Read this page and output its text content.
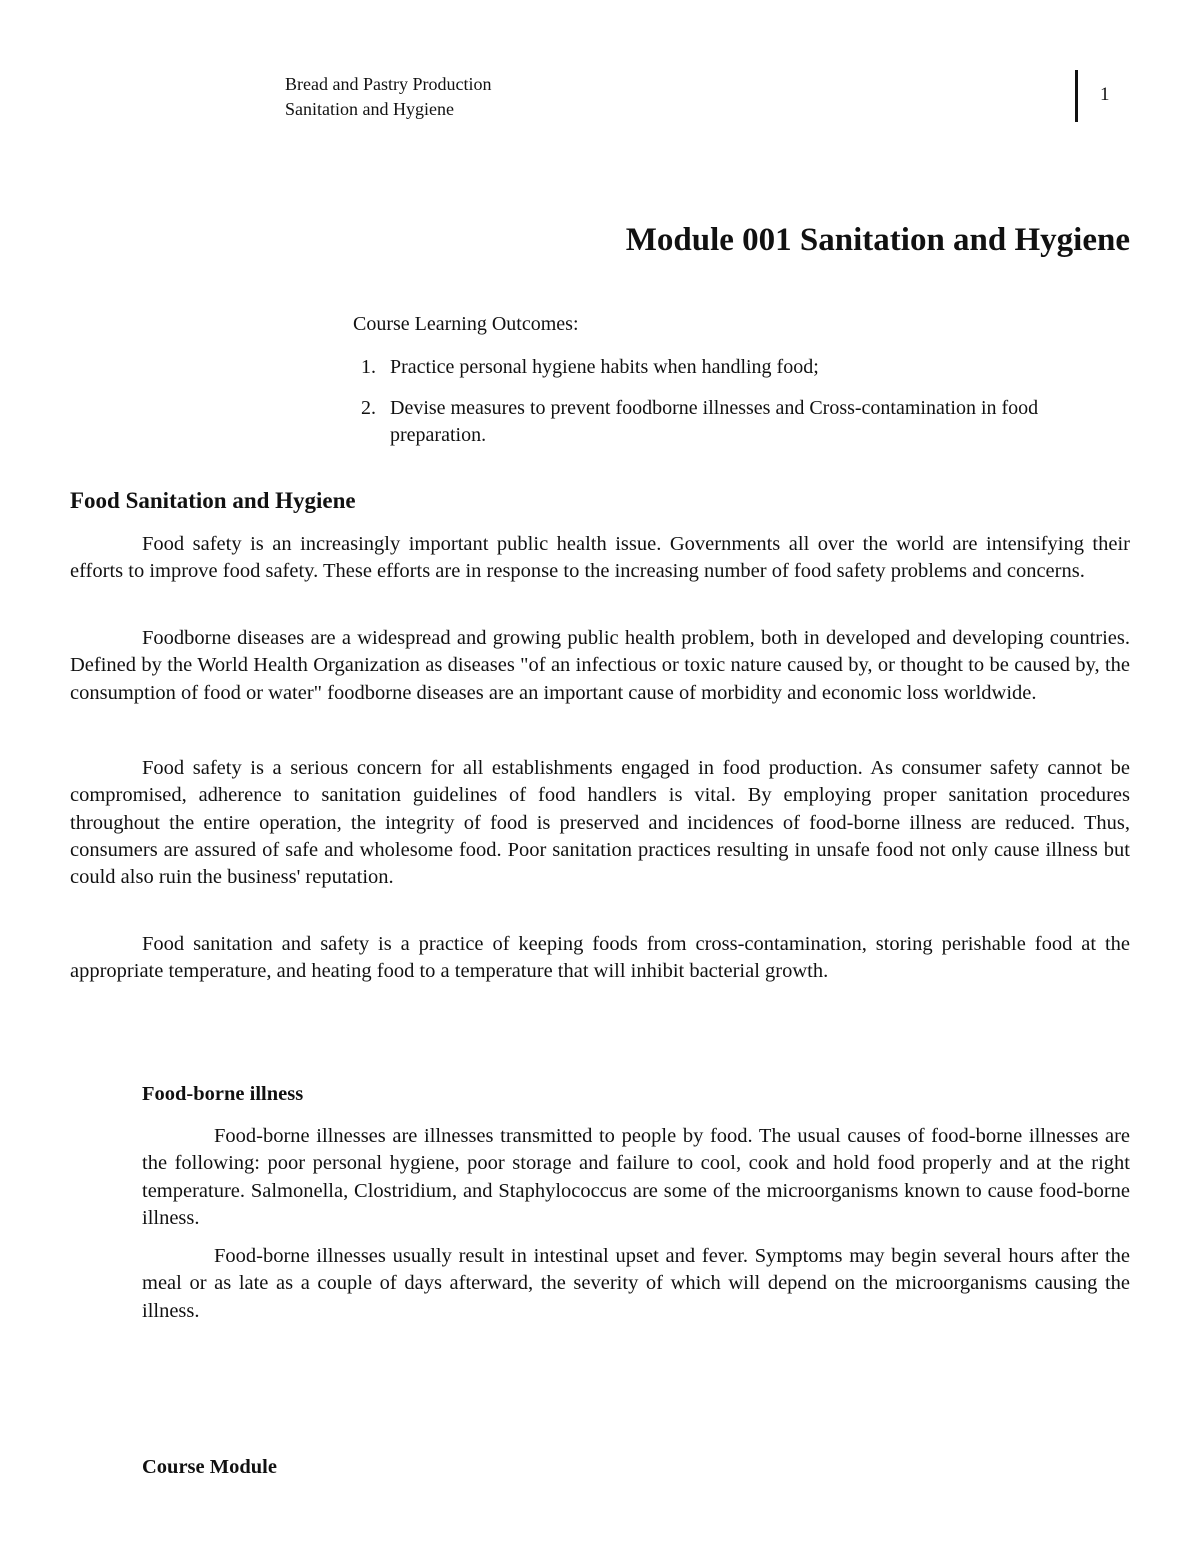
Bread and Pastry Production
Sanitation and Hygiene
1
Module 001 Sanitation and Hygiene
Course Learning Outcomes:
1. Practice personal hygiene habits when handling food;
2. Devise measures to prevent foodborne illnesses and Cross-contamination in food preparation.
Food Sanitation and Hygiene

Food safety is an increasingly important public health issue. Governments all over the world are intensifying their efforts to improve food safety. These efforts are in response to the increasing number of food safety problems and concerns.

Foodborne diseases are a widespread and growing public health problem, both in developed and developing countries. Defined by the World Health Organization as diseases "of an infectious or toxic nature caused by, or thought to be caused by, the consumption of food or water" foodborne diseases are an important cause of morbidity and economic loss worldwide.

Food safety is a serious concern for all establishments engaged in food production. As consumer safety cannot be compromised, adherence to sanitation guidelines of food handlers is vital. By employing proper sanitation procedures throughout the entire operation, the integrity of food is preserved and incidences of food-borne illness are reduced. Thus, consumers are assured of safe and wholesome food. Poor sanitation practices resulting in unsafe food not only cause illness but could also ruin the business' reputation.

Food sanitation and safety is a practice of keeping foods from cross-contamination, storing perishable food at the appropriate temperature, and heating food to a temperature that will inhibit bacterial growth.

Food-borne illness

Food-borne illnesses are illnesses transmitted to people by food. The usual causes of food-borne illnesses are the following: poor personal hygiene, poor storage and failure to cool, cook and hold food properly and at the right temperature. Salmonella, Clostridium, and Staphylococcus are some of the microorganisms known to cause food-borne illness.

Food-borne illnesses usually result in intestinal upset and fever. Symptoms may begin several hours after the meal or as late as a couple of days afterward, the severity of which will depend on the microorganisms causing the illness.

Course Module
